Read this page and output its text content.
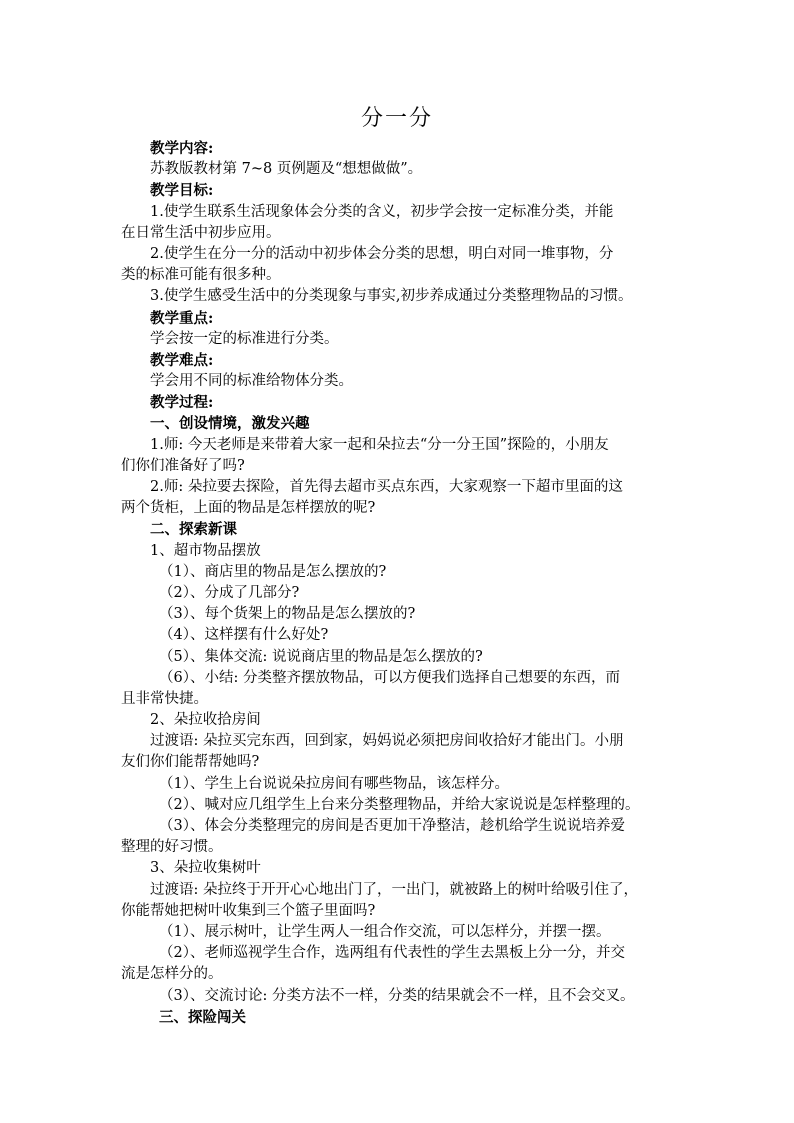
分一分
教学内容:
苏教版教材第 7~8 页例题及“想想做做”。
教学目标:
1.使学生联系生活现象体会分类的含义，初步学会按一定标准分类，并能
在日常生活中初步应用。
2.使学生在分一分的活动中初步体会分类的思想，明白对同一堆事物，分
类的标准可能有很多种。
3.使学生感受生活中的分类现象与事实,初步养成通过分类整理物品的习惯。
教学重点:
学会按一定的标准进行分类。
教学难点:
学会用不同的标准给物体分类。
教学过程:
一、创设情境，激发兴趣
1.师: 今天老师是来带着大家一起和朵拉去“分一分王国”探险的，小朋友
们你们准备好了吗?
2.师: 朵拉要去探险，首先得去超市买点东西，大家观察一下超市里面的这
两个货柜，上面的物品是怎样摆放的呢?
二、探索新课
1、超市物品摆放
（1）、商店里的物品是怎么摆放的?
（2）、分成了几部分?
（3）、每个货架上的物品是怎么摆放的?
（4）、这样摆有什么好处?
（5）、集体交流: 说说商店里的物品是怎么摆放的?
（6）、小结: 分类整齐摆放物品，可以方便我们选择自己想要的东西，而
且非常快捷。
2、朵拉收拾房间
过渡语: 朵拉买完东西，回到家，妈妈说必须把房间收拾好才能出门。小朋
友们你们能帮帮她吗?
（1）、学生上台说说朵拉房间有哪些物品，该怎样分。
（2）、喊对应几组学生上台来分类整理物品，并给大家说说是怎样整理的。
（3）、体会分类整理完的房间是否更加干净整洁，趁机给学生说说培养爱
整理的好习惯。
3、朵拉收集树叶
过渡语: 朵拉终于开开心心地出门了，一出门，就被路上的树叶给吸引住了，
你能帮她把树叶收集到三个篮子里面吗?
（1）、展示树叶，让学生两人一组合作交流，可以怎样分，并摆一摆。
（2）、老师巡视学生合作，选两组有代表性的学生去黑板上分一分，并交
流是怎样分的。
（3）、交流讨论: 分类方法不一样，分类的结果就会不一样，且不会交叉。
三、探险闯关
